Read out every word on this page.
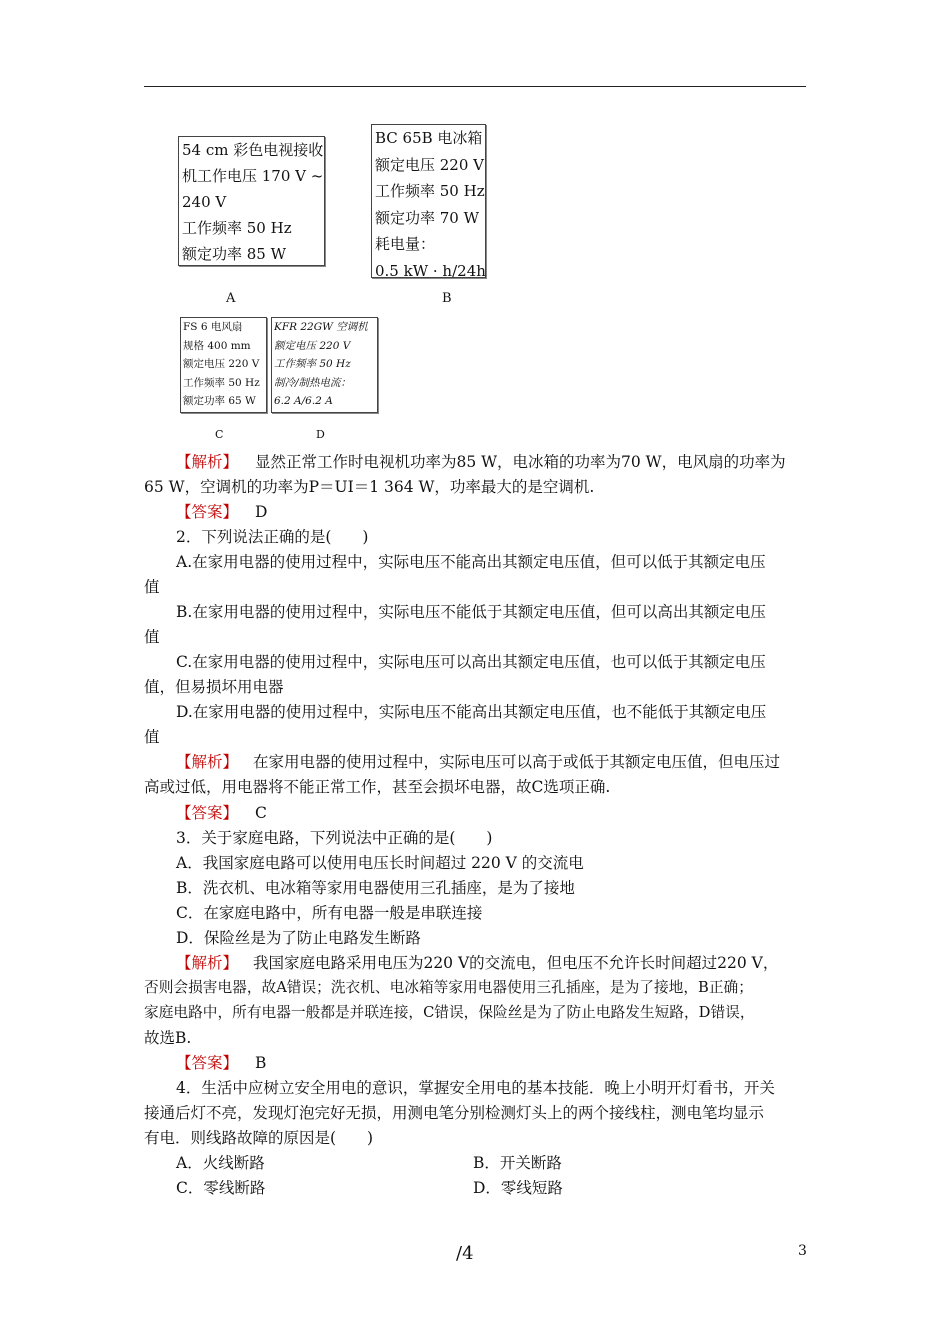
54 cm 彩色电视接收
机工作电压 170 V ~
240 V
工作频率 50 Hz
额定功率 85 W
A
BC 65B 电冰箱
额定电压 220 V
工作频率 50 Hz
额定功率 70 W
耗电量：
0.5 kW · h/24h
B
FS 6 电风扇
规格 400 mm
额定电压 220 V
工作频率 50 Hz
额定功率 65 W
C
KFR 22GW 空调机
额定电压 220 V
工作频率 50 Hz
制冷/制热电流：
6.2 A/6.2 A
D
【解析】 显然正常工作时电视机功率为85 W，电冰箱的功率为70 W，电风扇的功率为
65 W，空调机的功率为P＝UI＝1 364 W，功率最大的是空调机.
【答案】 D
2．下列说法正确的是(　　)
A.在家用电器的使用过程中，实际电压不能高出其额定电压值，但可以低于其额定电压
值
B.在家用电器的使用过程中，实际电压不能低于其额定电压值，但可以高出其额定电压
值
C.在家用电器的使用过程中，实际电压可以高出其额定电压值，也可以低于其额定电压
值，但易损坏用电器
D.在家用电器的使用过程中，实际电压不能高出其额定电压值，也不能低于其额定电压
值
【解析】 在家用电器的使用过程中，实际电压可以高于或低于其额定电压值，但电压过
高或过低，用电器将不能正常工作，甚至会损坏电器，故C选项正确.
【答案】 C
3．关于家庭电路，下列说法中正确的是(　　)
A．我国家庭电路可以使用电压长时间超过 220 V 的交流电
B．洗衣机、电冰箱等家用电器使用三孔插座，是为了接地
C．在家庭电路中，所有电器一般是串联连接
D．保险丝是为了防止电路发生断路
【解析】 我国家庭电路采用电压为220 V的交流电，但电压不允许长时间超过220 V，
否则会损害电器，故A错误；洗衣机、电冰箱等家用电器使用三孔插座，是为了接地，B正确；
家庭电路中，所有电器一般都是并联连接，C错误，保险丝是为了防止电路发生短路，D错误，
故选B.
【答案】 B
4．生活中应树立安全用电的意识，掌握安全用电的基本技能．晚上小明开灯看书，开关
接通后灯不亮，发现灯泡完好无损，用测电笔分别检测灯头上的两个接线柱，测电笔均显示
有电．则线路故障的原因是(　　)
A．火线断路	B．开关断路
C．零线断路	D．零线短路
/4	3
